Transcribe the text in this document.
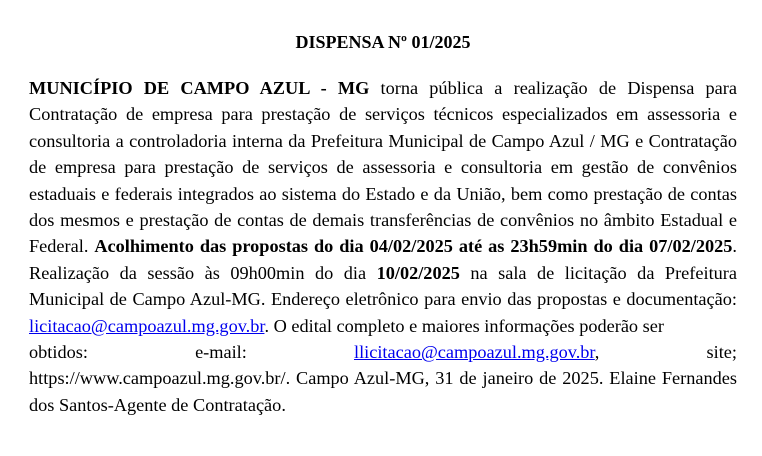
DISPENSA Nº 01/2025

MUNICÍPIO DE CAMPO AZUL - MG torna pública a realização de Dispensa para Contratação de empresa para prestação de serviços técnicos especializados em assessoria e consultoria a controladoria interna da Prefeitura Municipal de Campo Azul / MG e Contratação de empresa para prestação de serviços de assessoria e consultoria em gestão de convênios estaduais e federais integrados ao sistema do Estado e da União, bem como prestação de contas dos mesmos e prestação de contas de demais transferências de convênios no âmbito Estadual e Federal. Acolhimento das propostas do dia 04/02/2025 até as 23h59min do dia 07/02/2025. Realização da sessão às 09h00min do dia 10/02/2025 na sala de licitação da Prefeitura Municipal de Campo Azul-MG. Endereço eletrônico para envio das propostas e documentação: licitacao@campoazul.mg.gov.br. O edital completo e maiores informações poderão ser

obtidos:	e-mail:	llicitacao@campoazul.mg.gov.br,	site;

https://www.campoazul.mg.gov.br/. Campo Azul-MG, 31 de janeiro de 2025. Elaine Fernandes dos Santos-Agente de Contratação.
